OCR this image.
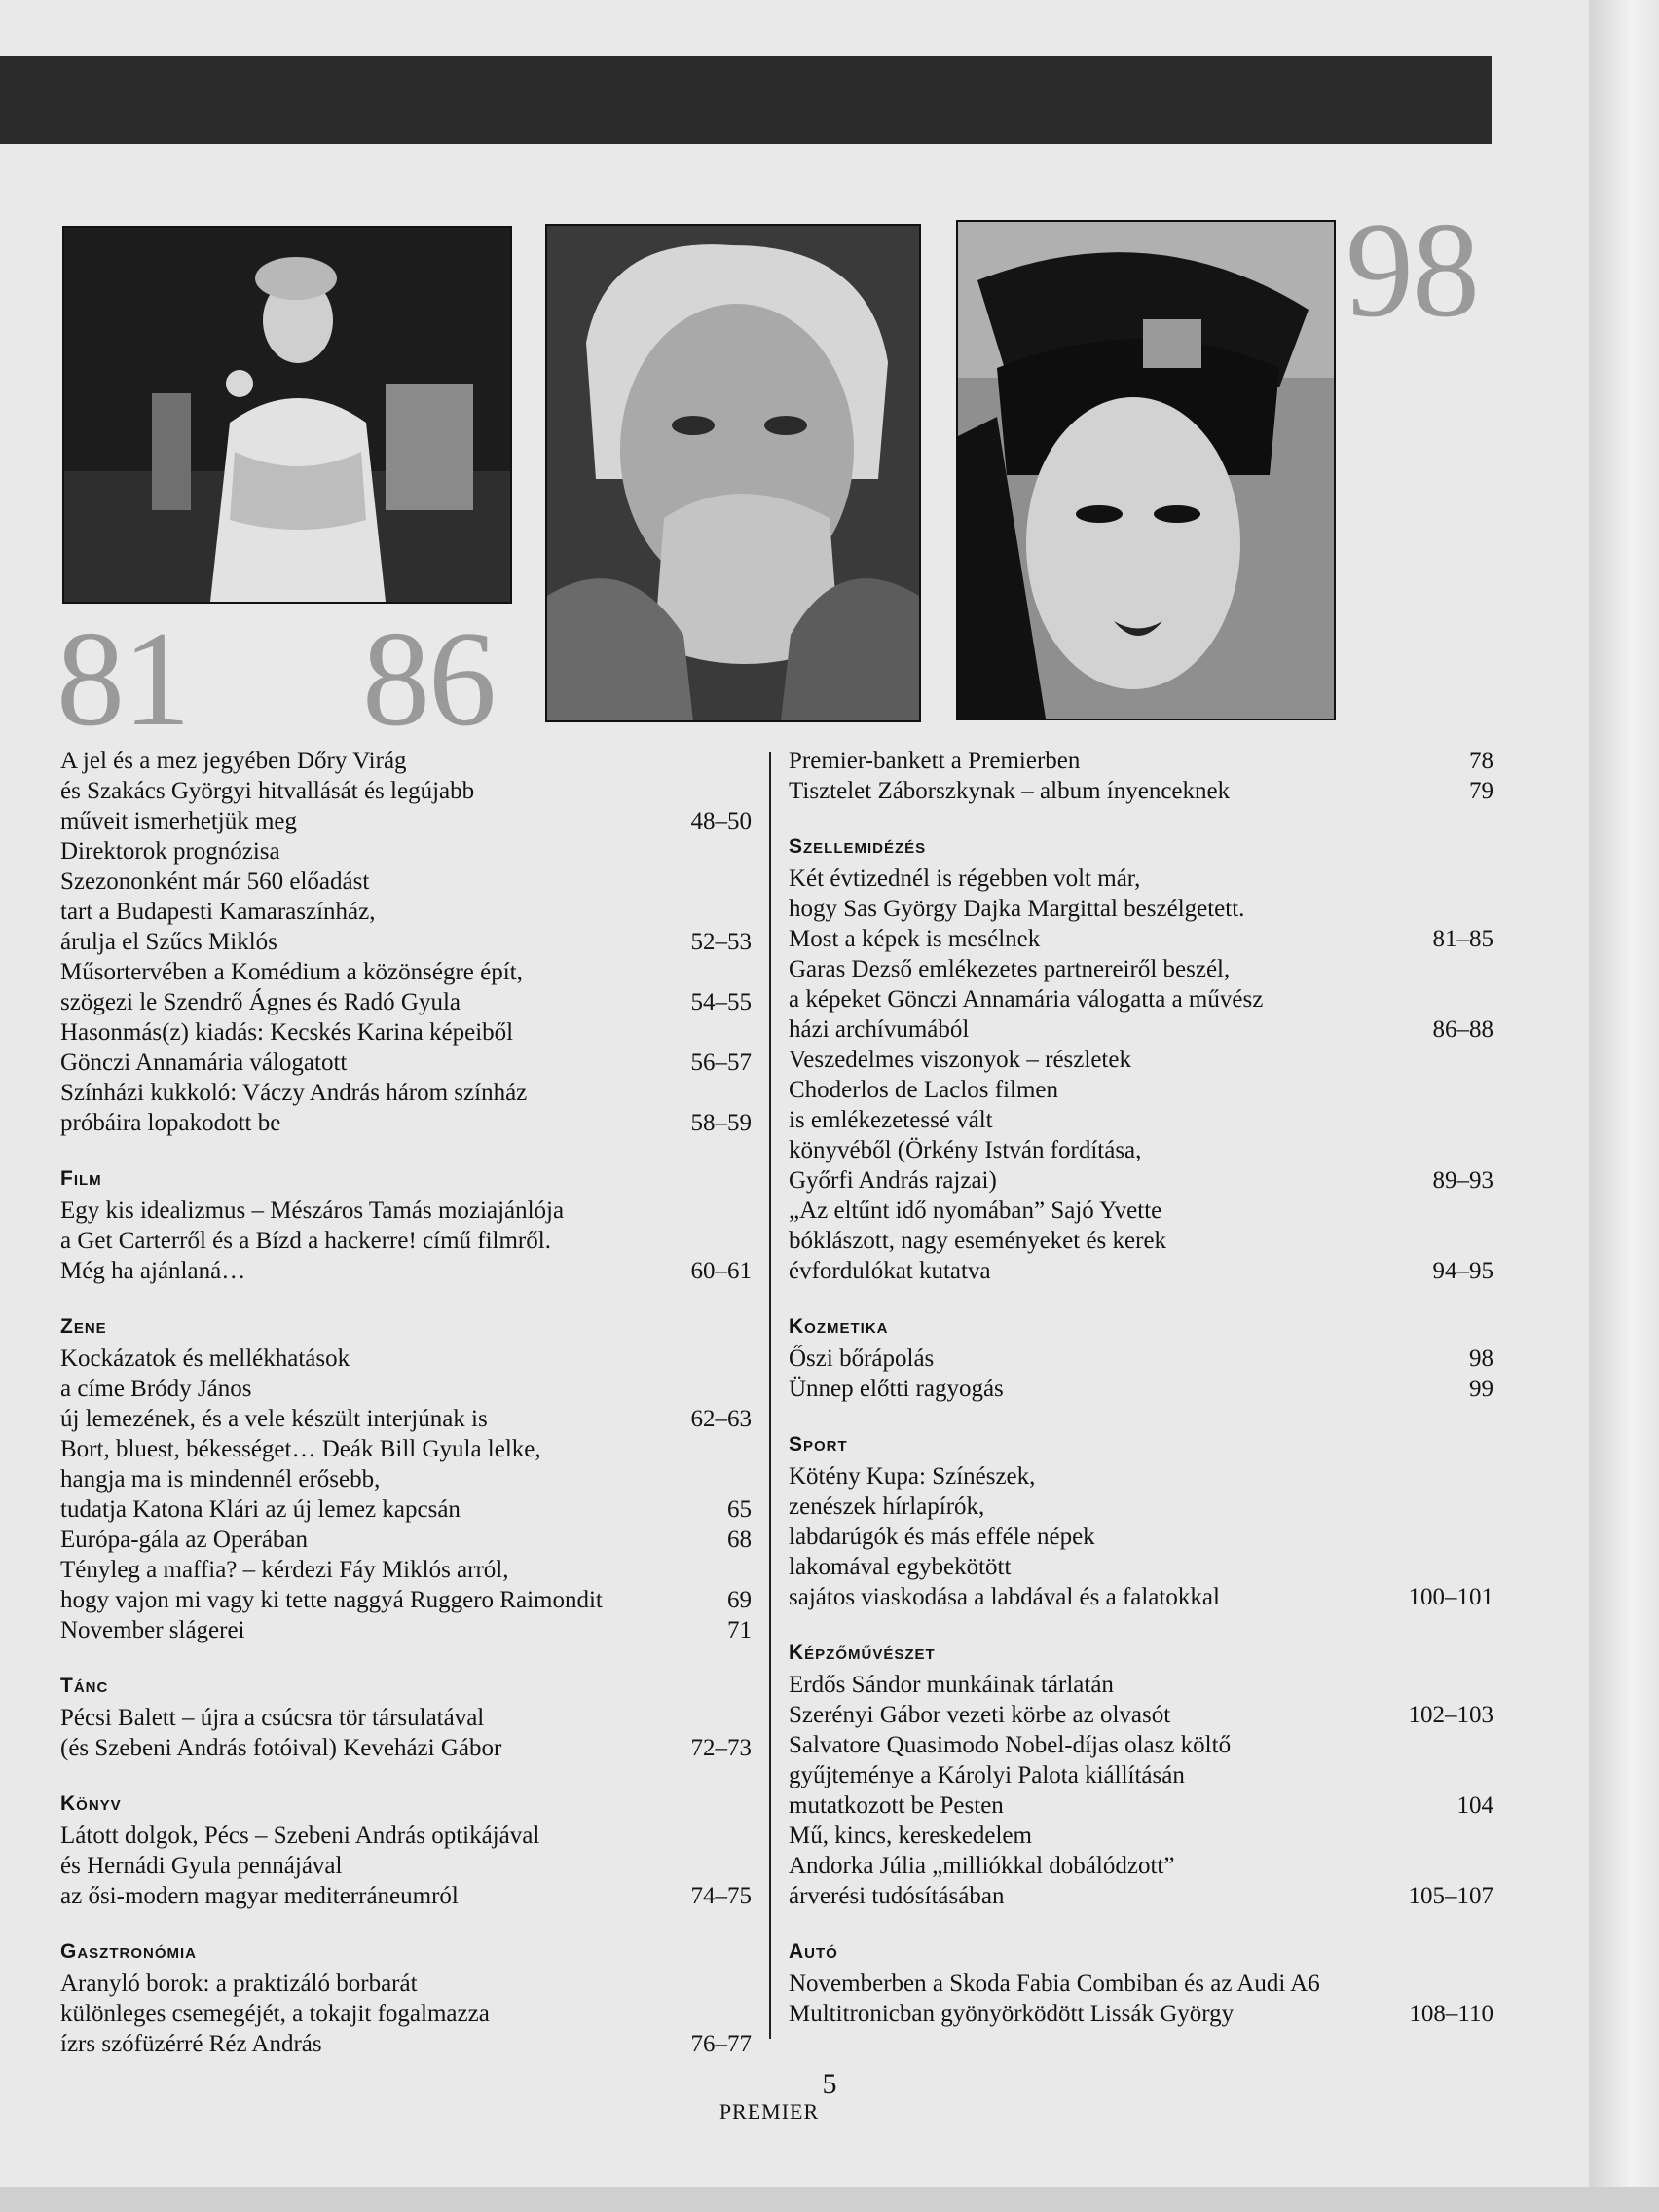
81 86
98
A jel és a mez jegyében Dőry Virág
és Szakács Györgyi hitvallását és legújabb
műveit ismerhetjük meg	48–50
Direktorok prognózisa
Szezononként már 560 előadást
tart a Budapesti Kamaraszínház,
árulja el Szűcs Miklós	52–53
Műsortervében a Komédium a közönségre épít,
szögezi le Szendrő Ágnes és Radó Gyula	54–55
Hasonmás(z) kiadás: Kecskés Karina képeiből
Gönczi Annamária válogatott	56–57
Színházi kukkoló: Váczy András három színház
próbáira lopakodott be	58–59
Film
Egy kis idealizmus – Mészáros Tamás moziajánlója
a Get Carterről és a Bízd a hackerre! című filmről.
Még ha ajánlaná…	60–61
Zene
Kockázatok és mellékhatások
a címe Bródy János
új lemezének, és a vele készült interjúnak is	62–63
Bort, bluest, békességet… Deák Bill Gyula lelke,
hangja ma is mindennél erősebb,
tudatja Katona Klári az új lemez kapcsán	65
Európa-gála az Operában	68
Tényleg a maffia? – kérdezi Fáy Miklós arról,
hogy vajon mi vagy ki tette naggyá Ruggero Raimondit	69
November slágerei	71
Tánc
Pécsi Balett – újra a csúcsra tör társulatával
(és Szebeni András fotóival) Keveházi Gábor	72–73
Könyv
Látott dolgok, Pécs – Szebeni András optikájával
és Hernádi Gyula pennájával
az ősi-modern magyar mediterráneumról	74–75
Gasztronómia
Aranyló borok: a praktizáló borbarát
különleges csemegéjét, a tokajit fogalmazza
ízrs szófüzérré Réz András	76–77
Premier-bankett a Premierben	78
Tisztelet Záborszkynak – album ínyenceknek	79
Szellemidézés
Két évtizednél is régebben volt már,
hogy Sas György Dajka Margittal beszélgetett.
Most a képek is mesélnek	81–85
Garas Dezső emlékezetes partnereiről beszél,
a képeket Gönczi Annamária válogatta a művész
házi archívumából	86–88
Veszedelmes viszonyok – részletek
Choderlos de Laclos filmen
is emlékezetessé vált
könyvéből (Örkény István fordítása,
Győrfi András rajzai)	89–93
„Az eltűnt idő nyomában” Sajó Yvette
bóklászott, nagy eseményeket és kerek
évfordulókat kutatva	94–95
Kozmetika
Őszi bőrápolás	98
Ünnep előtti ragyogás	99
Sport
Kötény Kupa: Színészek,
zenészek hírlapírók,
labdarúgók és más efféle népek
lakomával egybekötött
sajátos viaskodása a labdával és a falatokkal	100–101
Képzőművészet
Erdős Sándor munkáinak tárlatán
Szerényi Gábor vezeti körbe az olvasót	102–103
Salvatore Quasimodo Nobel-díjas olasz költő
gyűjteménye a Károlyi Palota kiállításán
mutatkozott be Pesten	104
Mű, kincs, kereskedelem
Andorka Júlia „milliókkal dobálódzott”
árverési tudósításában	105–107
Autó
Novemberben a Skoda Fabia Combiban és az Audi A6
Multitronicban gyönyörködött Lissák György	108–110
5
PREMIER
